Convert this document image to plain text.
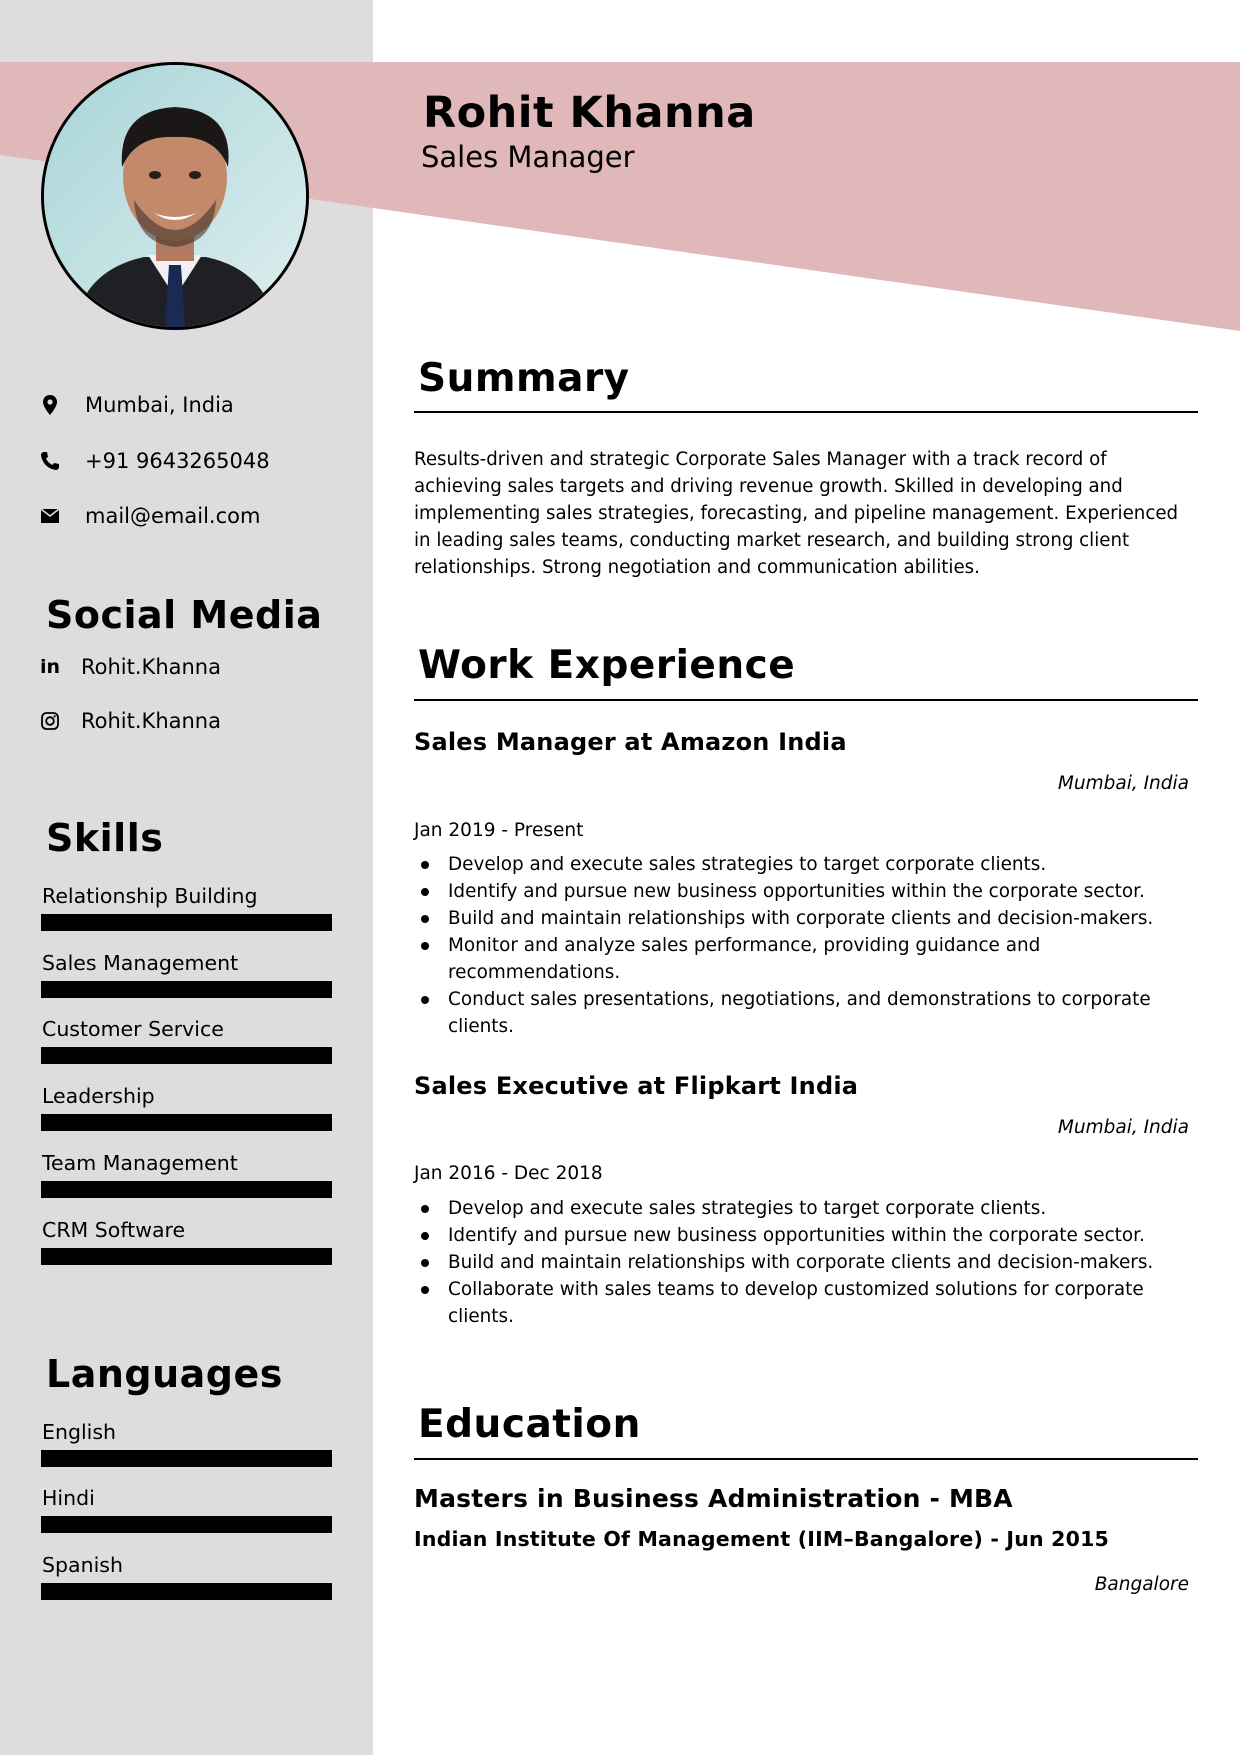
Rohit Khanna
Sales Manager
Mumbai, India
+91 9643265048
mail@email.com
Social Media
in Rohit.Khanna
Rohit.Khanna
Skills
Relationship Building
Sales Management
Customer Service
Leadership
Team Management
CRM Software
Languages
English
Hindi
Spanish
Summary
Results-driven and strategic Corporate Sales Manager with a track record of achieving sales targets and driving revenue growth. Skilled in developing and implementing sales strategies, forecasting, and pipeline management. Experienced in leading sales teams, conducting market research, and building strong client relationships. Strong negotiation and communication abilities.
Work Experience
Sales Manager at Amazon India
Mumbai, India
Jan 2019 - Present
Develop and execute sales strategies to target corporate clients.
Identify and pursue new business opportunities within the corporate sector.
Build and maintain relationships with corporate clients and decision-makers.
Monitor and analyze sales performance, providing guidance and recommendations.
Conduct sales presentations, negotiations, and demonstrations to corporate clients.
Sales Executive at Flipkart India
Mumbai, India
Jan 2016 - Dec 2018
Develop and execute sales strategies to target corporate clients.
Identify and pursue new business opportunities within the corporate sector.
Build and maintain relationships with corporate clients and decision-makers.
Collaborate with sales teams to develop customized solutions for corporate clients.
Education
Masters in Business Administration - MBA
Indian Institute Of Management (IIM–Bangalore) - Jun 2015
Bangalore
